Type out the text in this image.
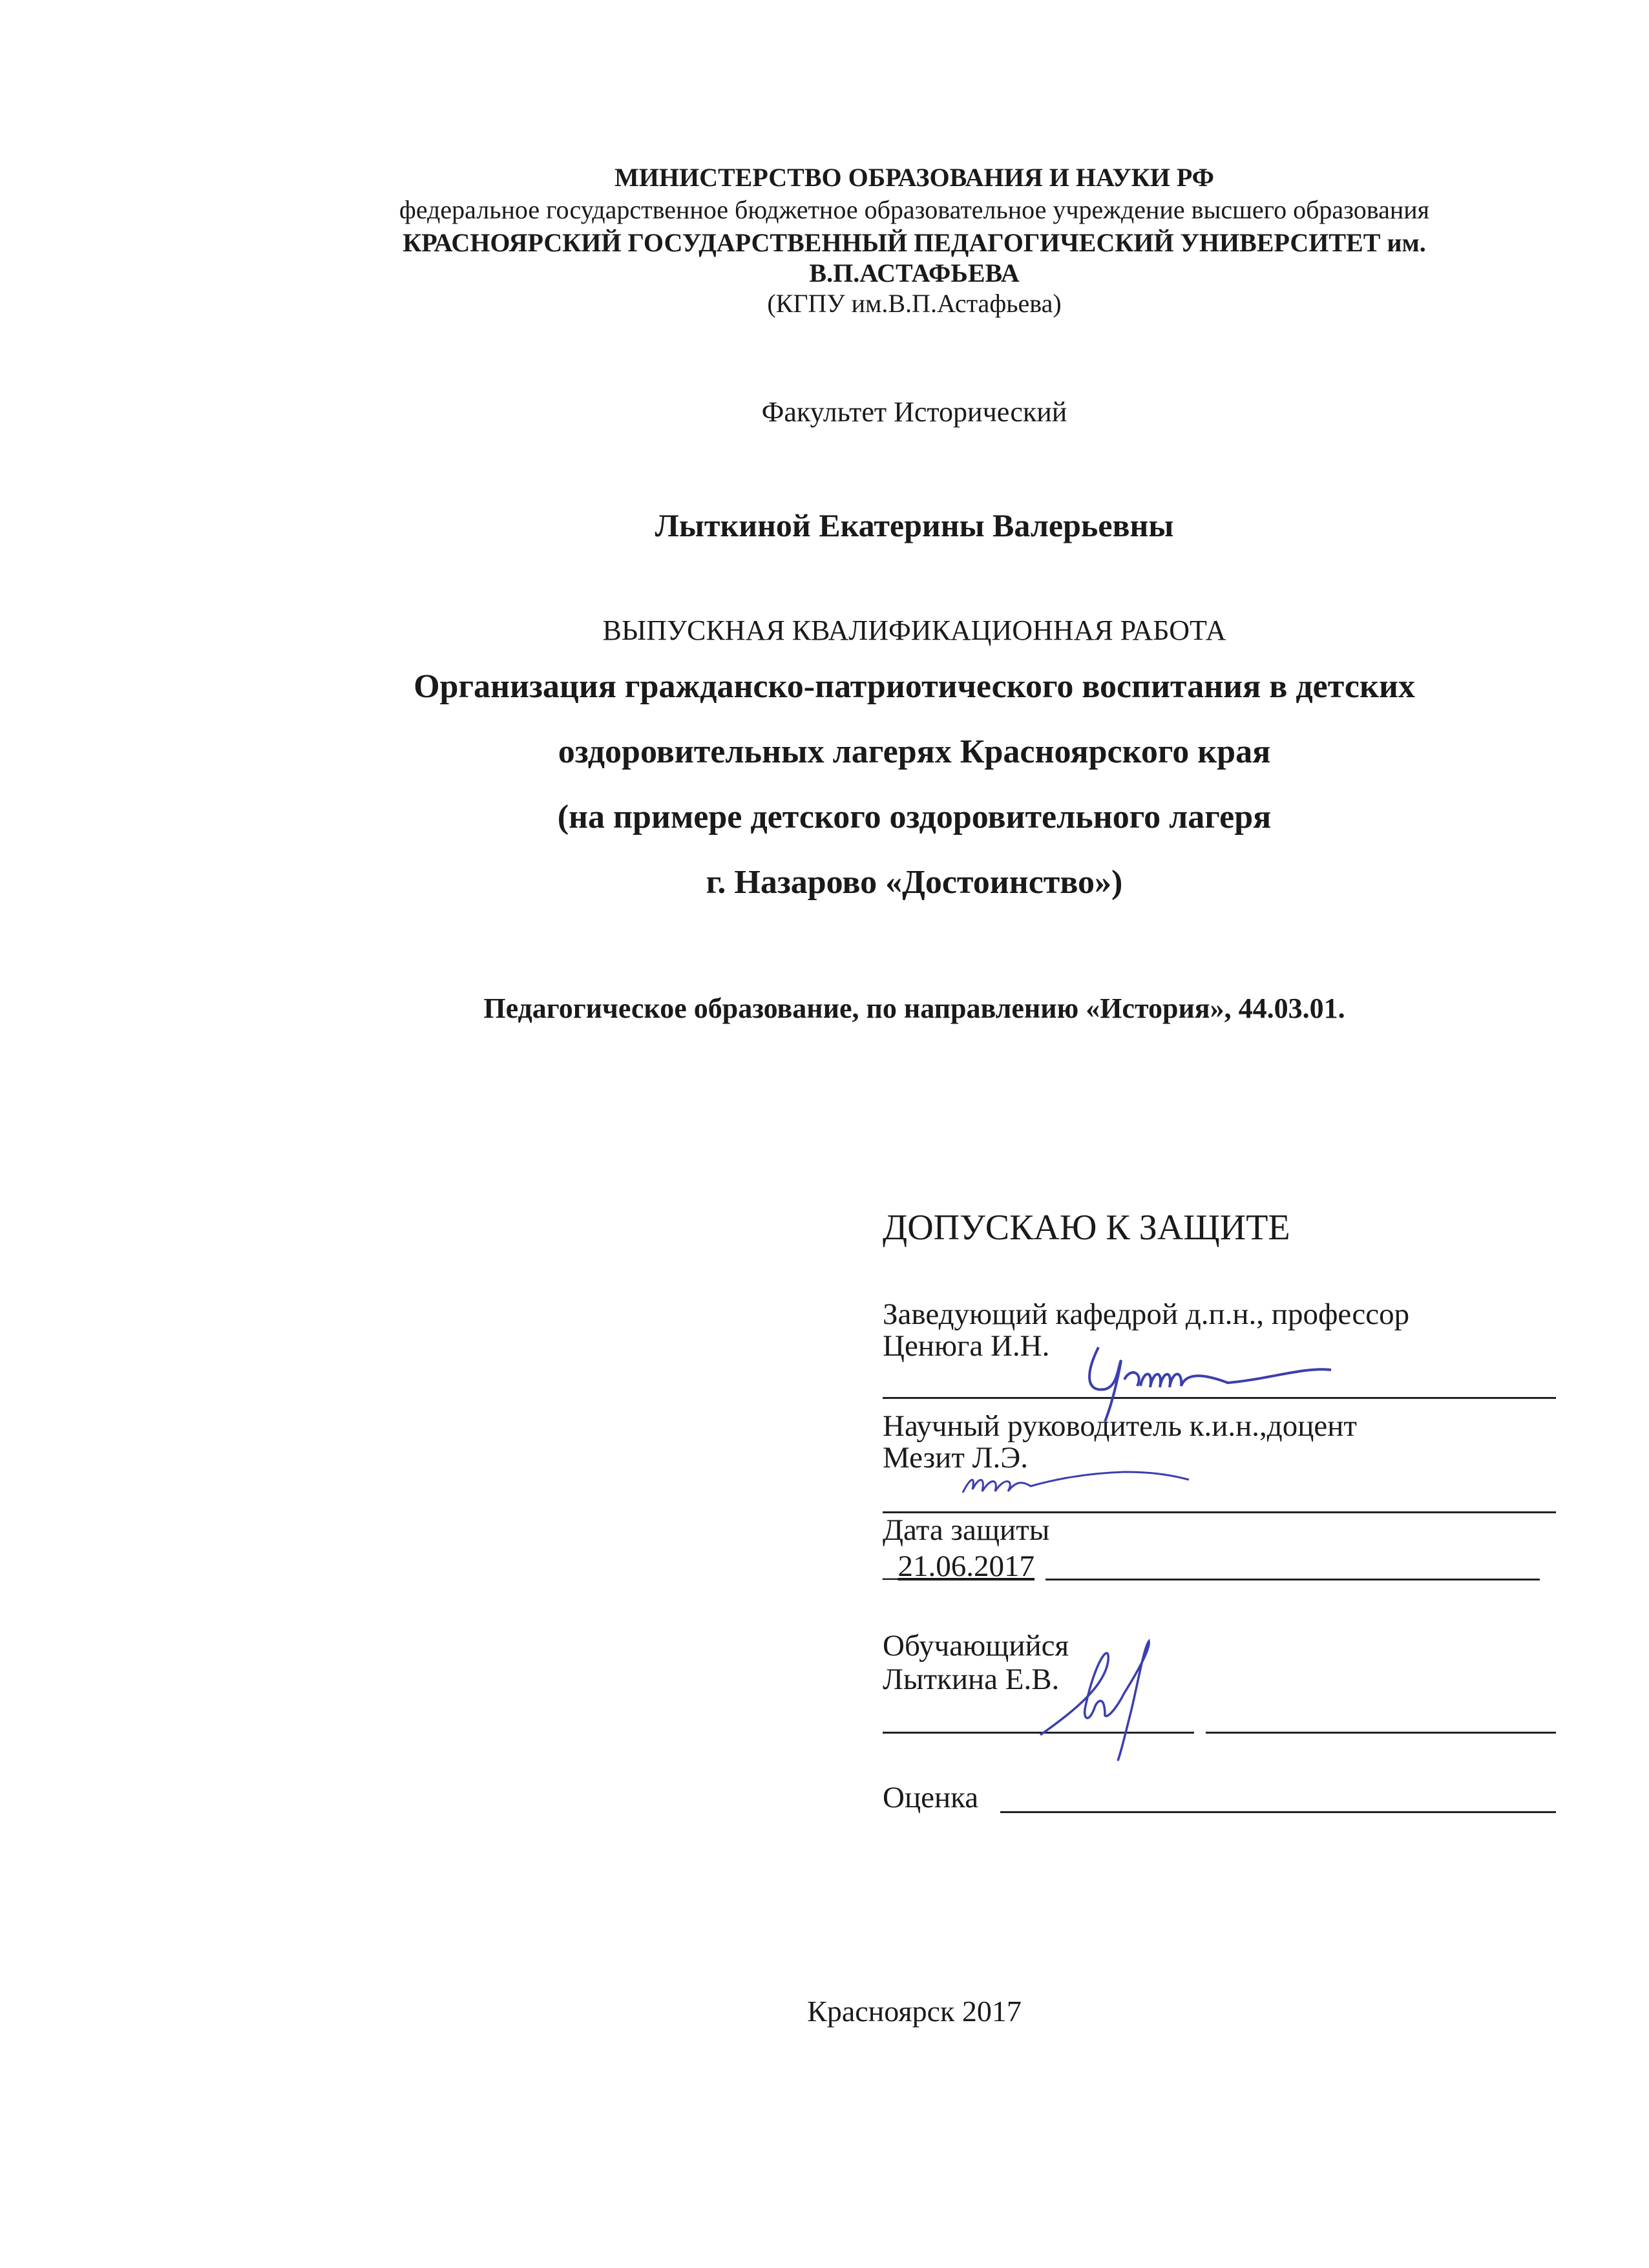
МИНИСТЕРСТВО ОБРАЗОВАНИЯ И НАУКИ РФ
федеральное государственное бюджетное образовательное учреждение высшего образования
КРАСНОЯРСКИЙ ГОСУДАРСТВЕННЫЙ ПЕДАГОГИЧЕСКИЙ УНИВЕРСИТЕТ им.
В.П.АСТАФЬЕВА
(КГПУ им.В.П.Астафьева)
Факультет Исторический
Лыткиной Екатерины Валерьевны
ВЫПУСКНАЯ КВАЛИФИКАЦИОННАЯ РАБОТА
Организация гражданско-патриотического воспитания в детских
оздоровительных лагерях Красноярского края
(на примере детского оздоровительного лагеря
г. Назарово «Достоинство»)
Педагогическое образование, по направлению «История», 44.03.01.
ДОПУСКАЮ К ЗАЩИТЕ
Заведующий кафедрой д.п.н., профессор
Ценюга И.Н.
Научный руководитель к.и.н.,доцент
Мезит Л.Э.
Дата защиты
_21.06.2017
Обучающийся
Лыткина Е.В.
Оценка
Красноярск 2017
